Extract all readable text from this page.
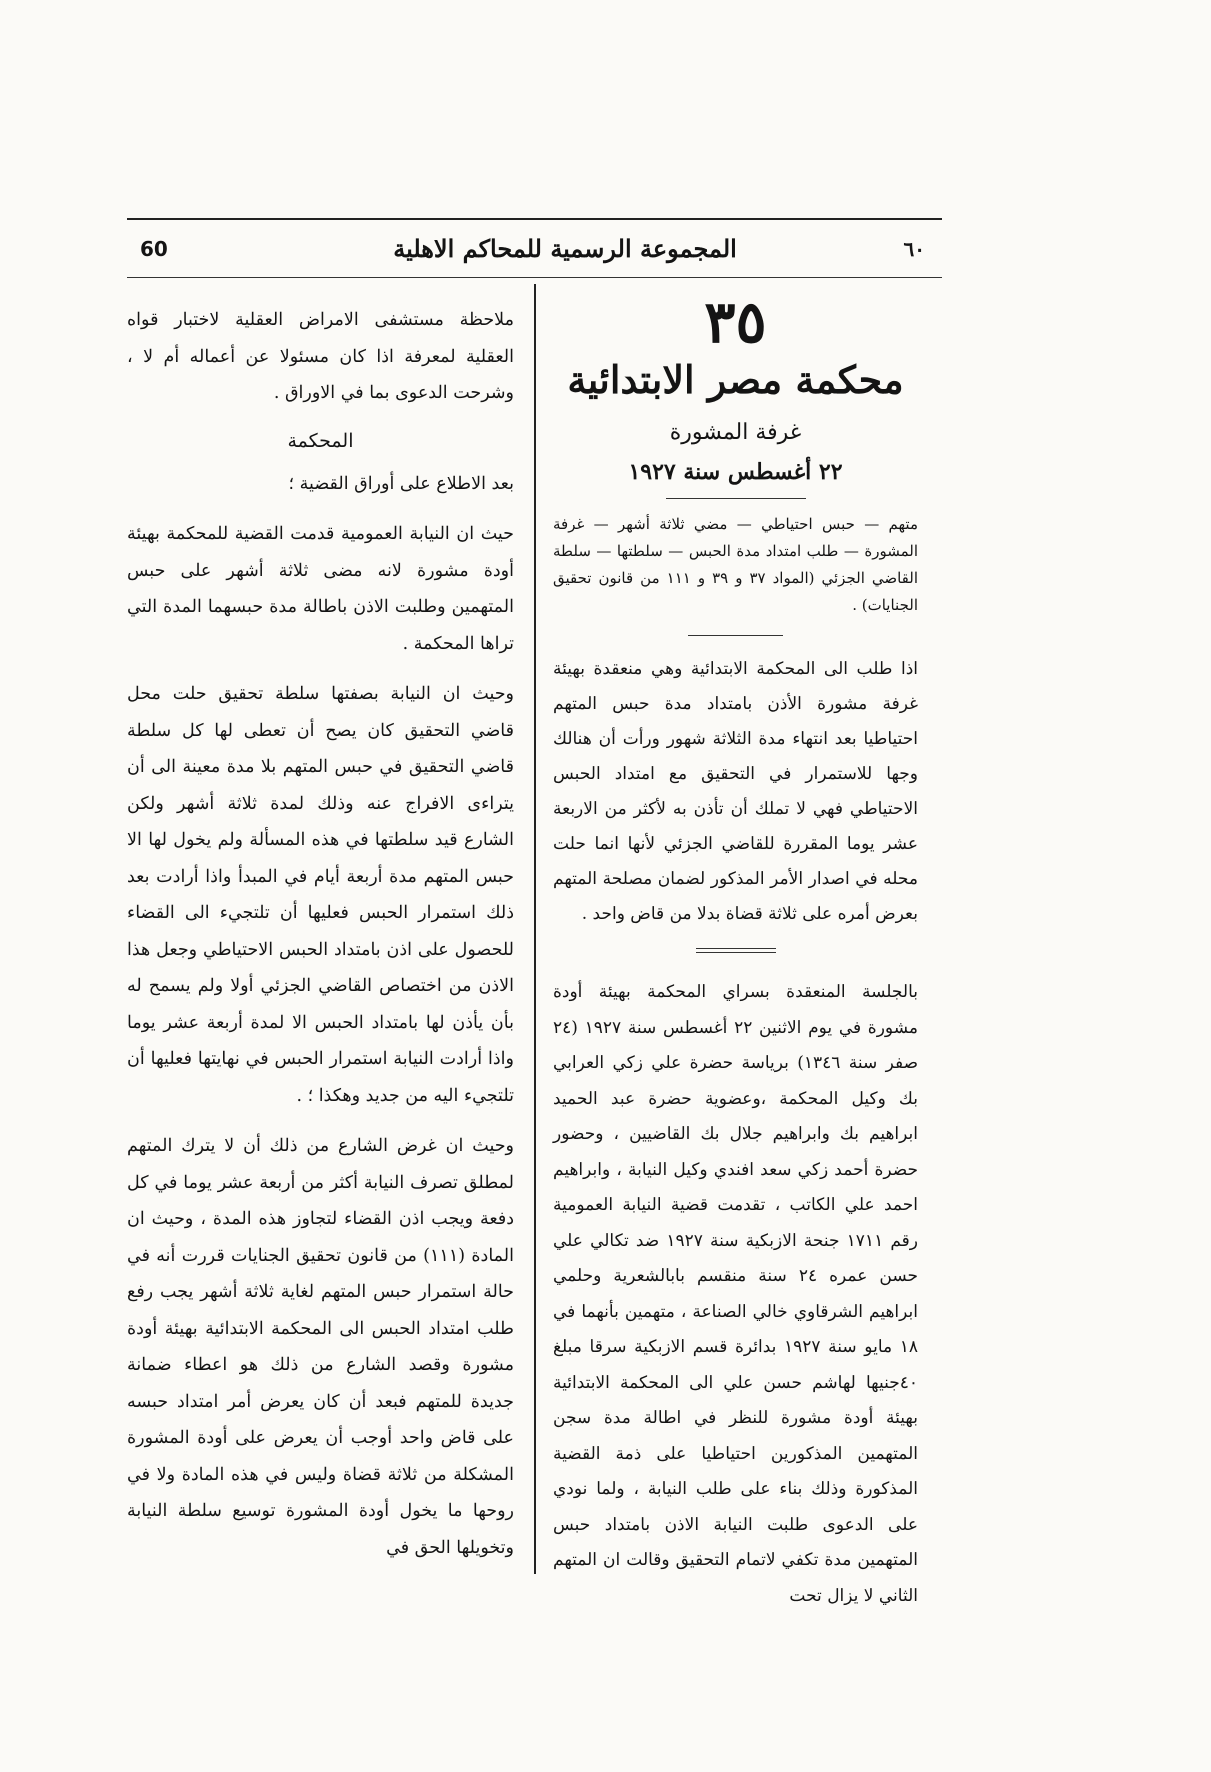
60	المجموعة الرسمية للمحاكم الاهلية	٦٠
٣٥
محكمة مصر الابتدائية
غرفة المشورة
٢٢ أغسطس سنة ١٩٢٧
متهم — حبس احتياطي — مضي ثلاثة أشهر — غرفة المشورة — طلب امتداد مدة الحبس — سلطتها — سلطة القاضي الجزئي (المواد ٣٧ و ٣٩ و ١١١ من قانون تحقيق الجنايات) .
اذا طلب الى المحكمة الابتدائية وهي منعقدة بهيئة غرفة مشورة الأذن بامتداد مدة حبس المتهم احتياطيا بعد انتهاء مدة الثلاثة شهور ورأت أن هنالك وجها للاستمرار في التحقيق مع امتداد الحبس الاحتياطي فهي لا تملك أن تأذن به لأكثر من الاربعة عشر يوما المقررة للقاضي الجزئي لأنها انما حلت محله في اصدار الأمر المذكور لضمان مصلحة المتهم بعرض أمره على ثلاثة قضاة بدلا من قاض واحد .
بالجلسة المنعقدة بسراي المحكمة بهيئة أودة مشورة في يوم الاثنين ٢٢ أغسطس سنة ١٩٢٧ (٢٤ صفر سنة ١٣٤٦) برياسة حضرة علي زكي العرابي بك وكيل المحكمة ،وعضوية حضرة عبد الحميد ابراهيم بك وابراهيم جلال بك القاضيين ، وحضور حضرة أحمد زكي سعد افندي وكيل النيابة ، وابراهيم احمد علي الكاتب ، تقدمت قضية النيابة العمومية رقم ١٧١١ جنحة الازبكية سنة ١٩٢٧ ضد تكالي علي حسن عمره ٢٤ سنة منقسم بابالشعرية وحلمي ابراهيم الشرقاوي خالي الصناعة ، متهمين بأنهما في ١٨ مايو سنة ١٩٢٧ بدائرة قسم الازبكية سرقا مبلغ ٤٠جنيها لهاشم حسن علي الى المحكمة الابتدائية بهيئة أودة مشورة للنظر في اطالة مدة سجن المتهمين المذكورين احتياطيا على ذمة القضية المذكورة وذلك بناء على طلب النيابة ، ولما نودي على الدعوى طلبت النيابة الاذن بامتداد حبس المتهمين مدة تكفي لاتمام التحقيق وقالت ان المتهم الثاني لا يزال تحت

ملاحظة مستشفى الامراض العقلية لاختبار قواه العقلية لمعرفة اذا كان مسئولا عن أعماله أم لا ، وشرحت الدعوى بما في الاوراق .

المحكمة

بعد الاطلاع على أوراق القضية ؛

حيث ان النيابة العمومية قدمت القضية للمحكمة بهيئة أودة مشورة لانه مضى ثلاثة أشهر على حبس المتهمين وطلبت الاذن باطالة مدة حبسهما المدة التي تراها المحكمة .

وحيث ان النيابة بصفتها سلطة تحقيق حلت محل قاضي التحقيق كان يصح أن تعطى لها كل سلطة قاضي التحقيق في حبس المتهم بلا مدة معينة الى أن يتراءى الافراج عنه وذلك لمدة ثلاثة أشهر ولكن الشارع قيد سلطتها في هذه المسألة ولم يخول لها الا حبس المتهم مدة أربعة أيام في المبدأ واذا أرادت بعد ذلك استمرار الحبس فعليها أن تلتجيء الى القضاء للحصول على اذن بامتداد الحبس الاحتياطي وجعل هذا الاذن من اختصاص القاضي الجزئي أولا ولم يسمح له بأن يأذن لها بامتداد الحبس الا لمدة أربعة عشر يوما واذا أرادت النيابة استمرار الحبس في نهايتها فعليها أن تلتجيء اليه من جديد وهكذا ؛ .

وحيث ان غرض الشارع من ذلك أن لا يترك المتهم لمطلق تصرف النيابة أكثر من أربعة عشر يوما في كل دفعة ويجب اذن القضاء لتجاوز هذه المدة ، وحيث ان المادة (١١١) من قانون تحقيق الجنايات قررت أنه في حالة استمرار حبس المتهم لغاية ثلاثة أشهر يجب رفع طلب امتداد الحبس الى المحكمة الابتدائية بهيئة أودة مشورة وقصد الشارع من ذلك هو اعطاء ضمانة جديدة للمتهم فبعد أن كان يعرض أمر امتداد حبسه على قاض واحد أوجب أن يعرض على أودة المشورة المشكلة من ثلاثة قضاة وليس في هذه المادة ولا في روحها ما يخول أودة المشورة توسيع سلطة النيابة وتخويلها الحق في
